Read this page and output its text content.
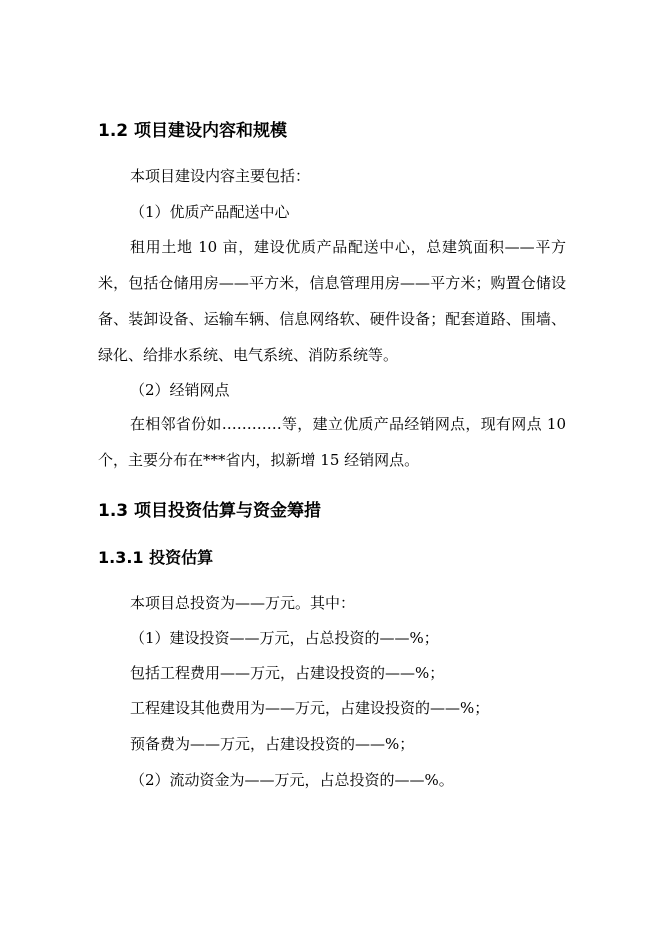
1.2 项目建设内容和规模
本项目建设内容主要包括：
（1）优质产品配送中心
租用土地 10 亩，建设优质产品配送中心，总建筑面积——平方米，包括仓储用房——平方米，信息管理用房——平方米；购置仓储设备、装卸设备、运输车辆、信息网络软、硬件设备；配套道路、围墙、绿化、给排水系统、电气系统、消防系统等。
（2）经销网点
在相邻省份如…………等，建立优质产品经销网点，现有网点 10 个，主要分布在***省内，拟新增 15 经销网点。
1.3 项目投资估算与资金筹措
1.3.1 投资估算
本项目总投资为——万元。其中：
（1）建设投资——万元，占总投资的——%；
包括工程费用——万元，占建设投资的——%；
工程建设其他费用为——万元，占建设投资的——%；
预备费为——万元，占建设投资的——%；
（2）流动资金为——万元，占总投资的——%。
